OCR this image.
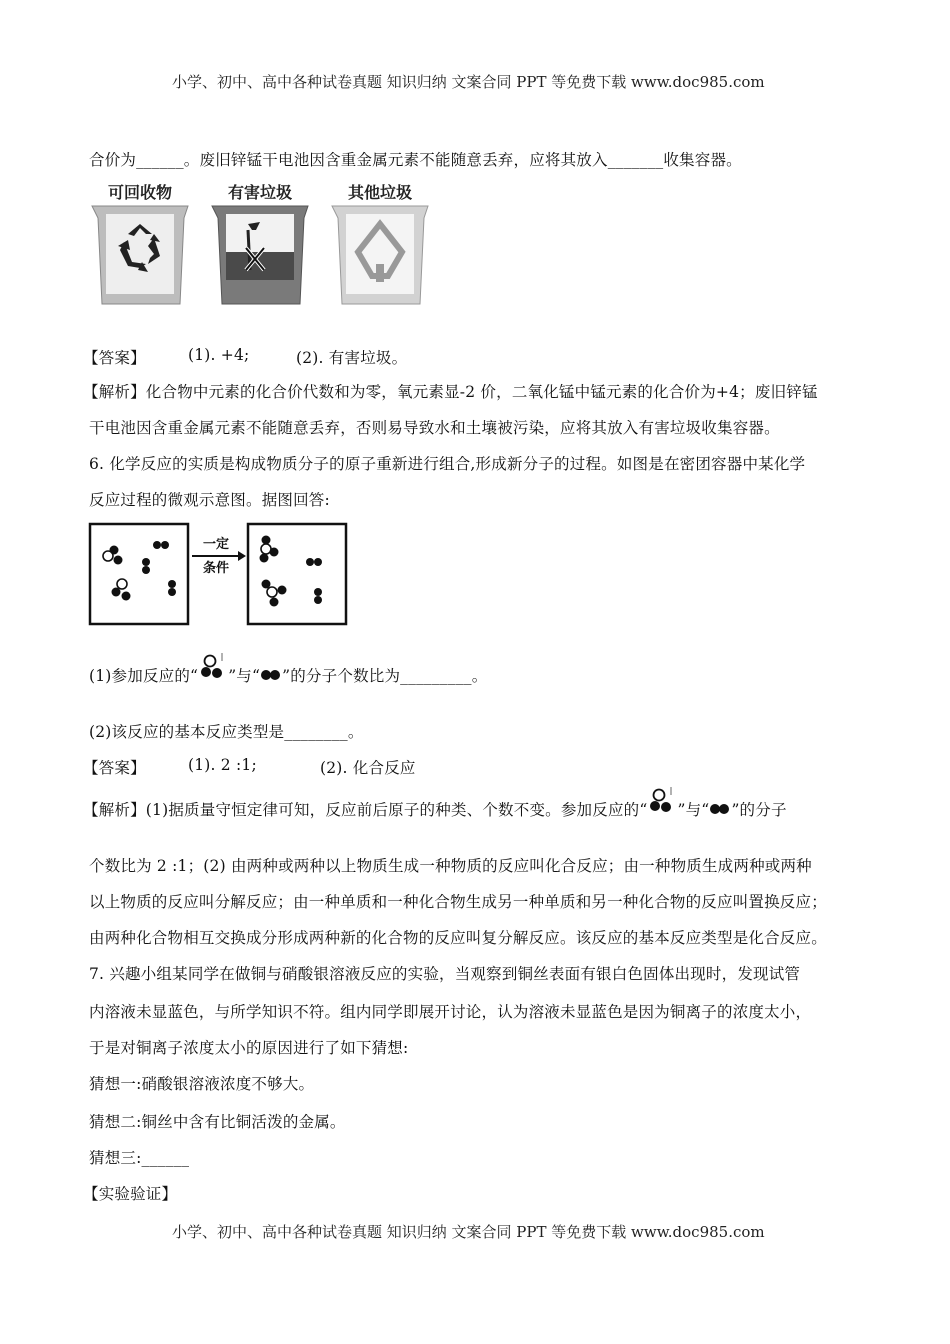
小学、初中、高中各种试卷真题 知识归纳 文案合同 PPT 等免费下载 www.doc985.com
合价为______。废旧锌锰干电池因含重金属元素不能随意丢弃，应将其放入_______收集容器。
可回收物	有害垃圾	其他垃圾
【答案】	(1). +4;	(2). 有害垃圾。
【解析】化合物中元素的化合价代数和为零，氧元素显-2 价，二氧化锰中锰元素的化合价为+4；废旧锌锰
干电池因含重金属元素不能随意丢弃，否则易导致水和土壤被污染，应将其放入有害垃圾收集容器。
6. 化学反应的实质是构成物质分子的原子重新进行组合,形成新分子的过程。如图是在密团容器中某化学
反应过程的微观示意图。据图回答:
一定
条件
(1)参加反应的“ ”与“ ”的分子个数比为_________。
(2)该反应的基本反应类型是________。
【答案】	(1). 2 :1;	(2). 化合反应
【解析】(1)据质量守恒定律可知，反应前后原子的种类、个数不变。参加反应的“ ”与“ ”的分子
个数比为 2 :1；(2) 由两种或两种以上物质生成一种物质的反应叫化合反应；由一种物质生成两种或两种
以上物质的反应叫分解反应；由一种单质和一种化合物生成另一种单质和另一种化合物的反应叫置换反应；
由两种化合物相互交换成分形成两种新的化合物的反应叫复分解反应。该反应的基本反应类型是化合反应。
7. 兴趣小组某同学在做铜与硝酸银溶液反应的实验，当观察到铜丝表面有银白色固体出现时，发现试管
内溶液未显蓝色，与所学知识不符。组内同学即展开讨论，认为溶液未显蓝色是因为铜离子的浓度太小，
于是对铜离子浓度太小的原因进行了如下猜想:
猜想一:硝酸银溶液浓度不够大。
猜想二:铜丝中含有比铜活泼的金属。
猜想三:______
【实验验证】
小学、初中、高中各种试卷真题 知识归纳 文案合同 PPT 等免费下载 www.doc985.com
